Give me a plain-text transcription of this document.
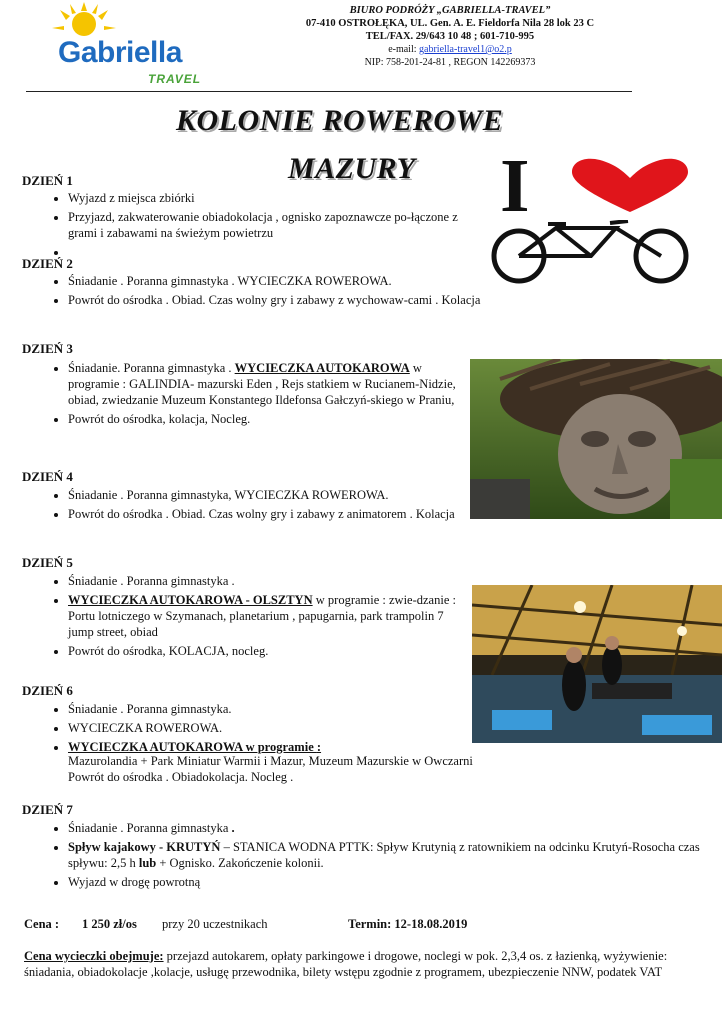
Gabriella
TRAVEL
BIURO PODRÓŻY „GABRIELLA-TRAVEL”
07-410 OSTROŁĘKA, UL. Gen. A. E. Fieldorfa Nila 28 lok 23 C
TEL/FAX. 29/643 10 48 ; 601-710-995
e-mail: gabriella-travel1@o2.p
NIP: 758-201-24-81 , REGON 142269373
KOLONIE ROWEROWE
MAZURY I
DZIEŃ 1
• Wyjazd z miejsca zbiórki
• Przyjazd, zakwaterowanie obiadokolacja , ognisko zapoznawcze po-łączone z grami i zabawami na świeżym powietrzu
•
DZIEŃ 2
• Śniadanie . Poranna gimnastyka . WYCIECZKA ROWEROWA.
• Powrót do ośrodka . Obiad. Czas wolny gry i zabawy z wychowaw-cami . Kolacja
DZIEŃ 3
• Śniadanie. Poranna gimnastyka . WYCIECZKA AUTOKAROWA w programie : GALINDIA- mazurski Eden , Rejs statkiem w Rucianem-Nidzie, obiad, zwiedzanie Muzeum Konstantego Ildefonsa Gałczyń-skiego w Praniu,
• Powrót do ośrodka, kolacja, Nocleg.
DZIEŃ 4
• Śniadanie . Poranna gimnastyka, WYCIECZKA ROWEROWA.
• Powrót do ośrodka . Obiad. Czas wolny gry i zabawy z animatorem . Kolacja
DZIEŃ 5
• Śniadanie . Poranna gimnastyka .
• WYCIECZKA AUTOKAROWA - OLSZTYN w programie : zwie-dzanie : Portu lotniczego w Szymanach, planetarium , papugarnia, park trampolin 7 jump street, obiad
• Powrót do ośrodka, KOLACJA, nocleg.
DZIEŃ 6
• Śniadanie . Poranna gimnastyka.
• WYCIECZKA ROWEROWA.
• WYCIECZKA AUTOKAROWA w programie :
Mazurolandia + Park Miniatur Warmii i Mazur, Muzeum Mazurskie w Owczarni
Powrót do ośrodka . Obiadokolacja. Nocleg .
DZIEŃ 7
• Śniadanie . Poranna gimnastyka .
• Spływ kajakowy - KRUTYŃ – STANICA WODNA PTTK: Spływ Krutynią z ratownikiem na odcinku Krutyń-Rosocha czas spływu: 2,5 h lub + Ognisko. Zakończenie kolonii.
• Wyjazd w drogę powrotną
Cena : 1 250 zł/os przy 20 uczestnikach	Termin: 12-18.08.2019
Cena wycieczki obejmuje: przejazd autokarem, opłaty parkingowe i drogowe, noclegi w pok. 2,3,4 os. z łazienką, wyżywienie: śniadania, obiadokolacje ,kolacje, usługę przewodnika, bilety wstępu zgodnie z programem, ubezpieczenie NNW, podatek VAT
